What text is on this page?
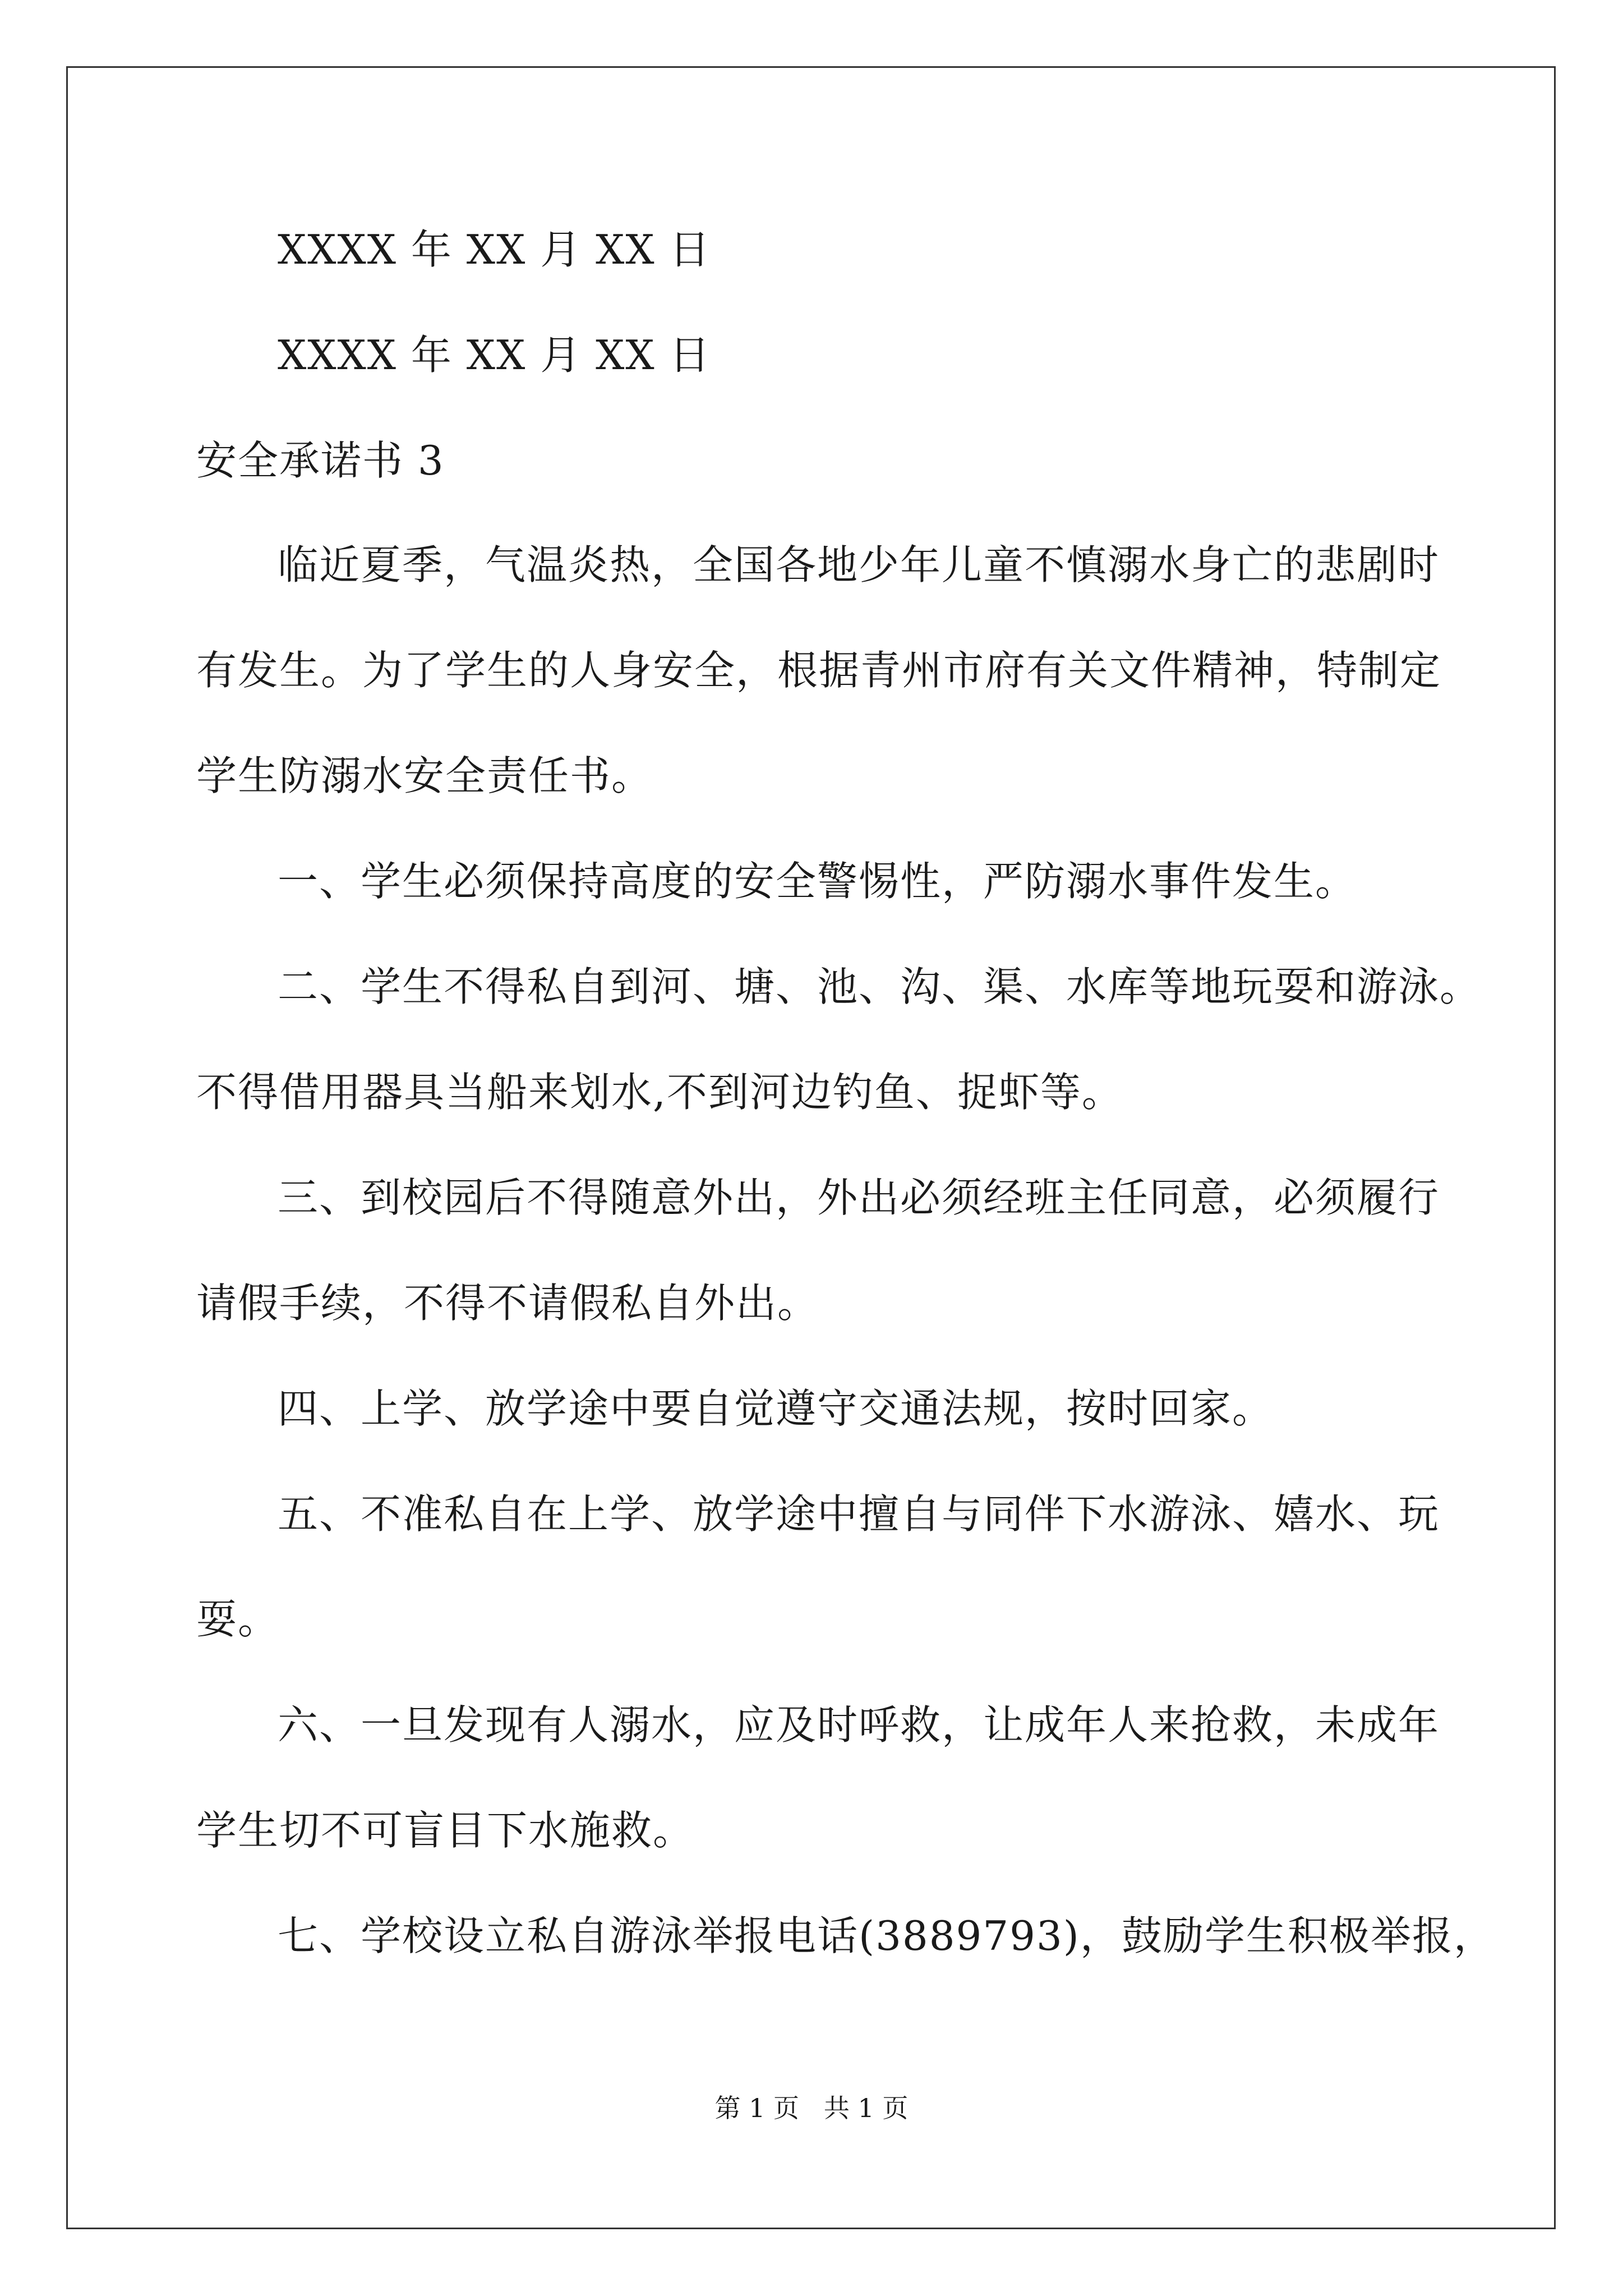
XXXX 年 XX 月 XX 日
XXXX 年 XX 月 XX 日
安全承诺书 3
临近夏季，气温炎热，全国各地少年儿童不慎溺水身亡的悲剧时
有发生。为了学生的人身安全，根据青州市府有关文件精神，特制定
学生防溺水安全责任书。
一、学生必须保持高度的安全警惕性，严防溺水事件发生。
二、学生不得私自到河、塘、池、沟、渠、水库等地玩耍和游泳。
不得借用器具当船来划水,不到河边钓鱼、捉虾等。
三、到校园后不得随意外出，外出必须经班主任同意，必须履行
请假手续，不得不请假私自外出。
四、上学、放学途中要自觉遵守交通法规，按时回家。
五、不准私自在上学、放学途中擅自与同伴下水游泳、嬉水、玩
耍。
六、一旦发现有人溺水，应及时呼救，让成年人来抢救，未成年
学生切不可盲目下水施救。
七、学校设立私自游泳举报电话(3889793)，鼓励学生积极举报，
第 1 页   共 1 页
